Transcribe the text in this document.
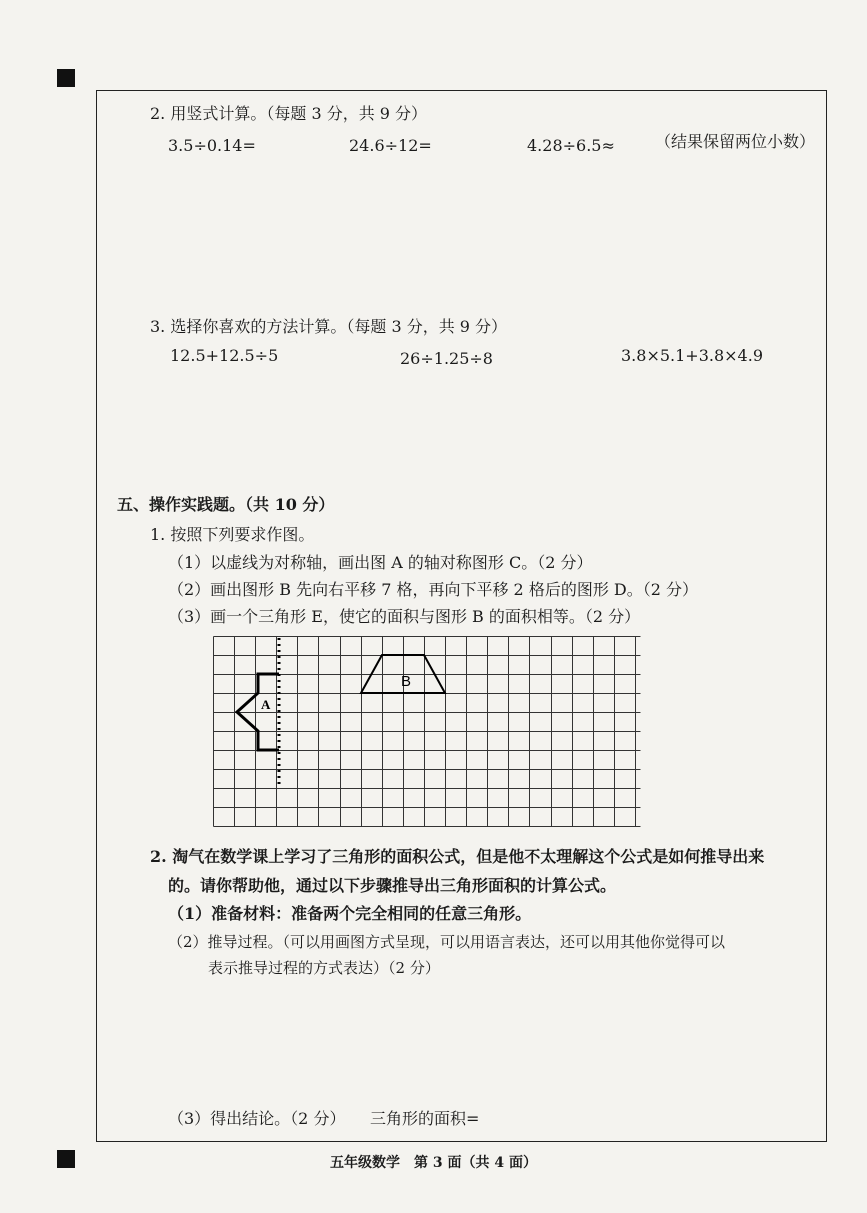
2. 用竖式计算。（每题 3 分，共 9 分）
3.5÷0.14=	24.6÷12=	4.28÷6.5≈	（结果保留两位小数）
3. 选择你喜欢的方法计算。（每题 3 分，共 9 分）
12.5+12.5÷5	26÷1.25÷8	3.8×5.1+3.8×4.9
五、操作实践题。（共 10 分）
1. 按照下列要求作图。
（1）以虚线为对称轴，画出图 A 的轴对称图形 C。（2 分）
（2）画出图形 B 先向右平移 7 格，再向下平移 2 格后的图形 D。（2 分）
（3）画一个三角形 E，使它的面积与图形 B 的面积相等。（2 分）
A
B
2. 淘气在数学课上学习了三角形的面积公式，但是他不太理解这个公式是如何推导出来
的。请你帮助他，通过以下步骤推导出三角形面积的计算公式。
（1）准备材料：准备两个完全相同的任意三角形。
（2）推导过程。（可以用画图方式呈现，可以用语言表达，还可以用其他你觉得可以
表示推导过程的方式表达）（2 分）
（3）得出结论。（2 分） 三角形的面积=
五年级数学　第 3 面（共 4 面）
